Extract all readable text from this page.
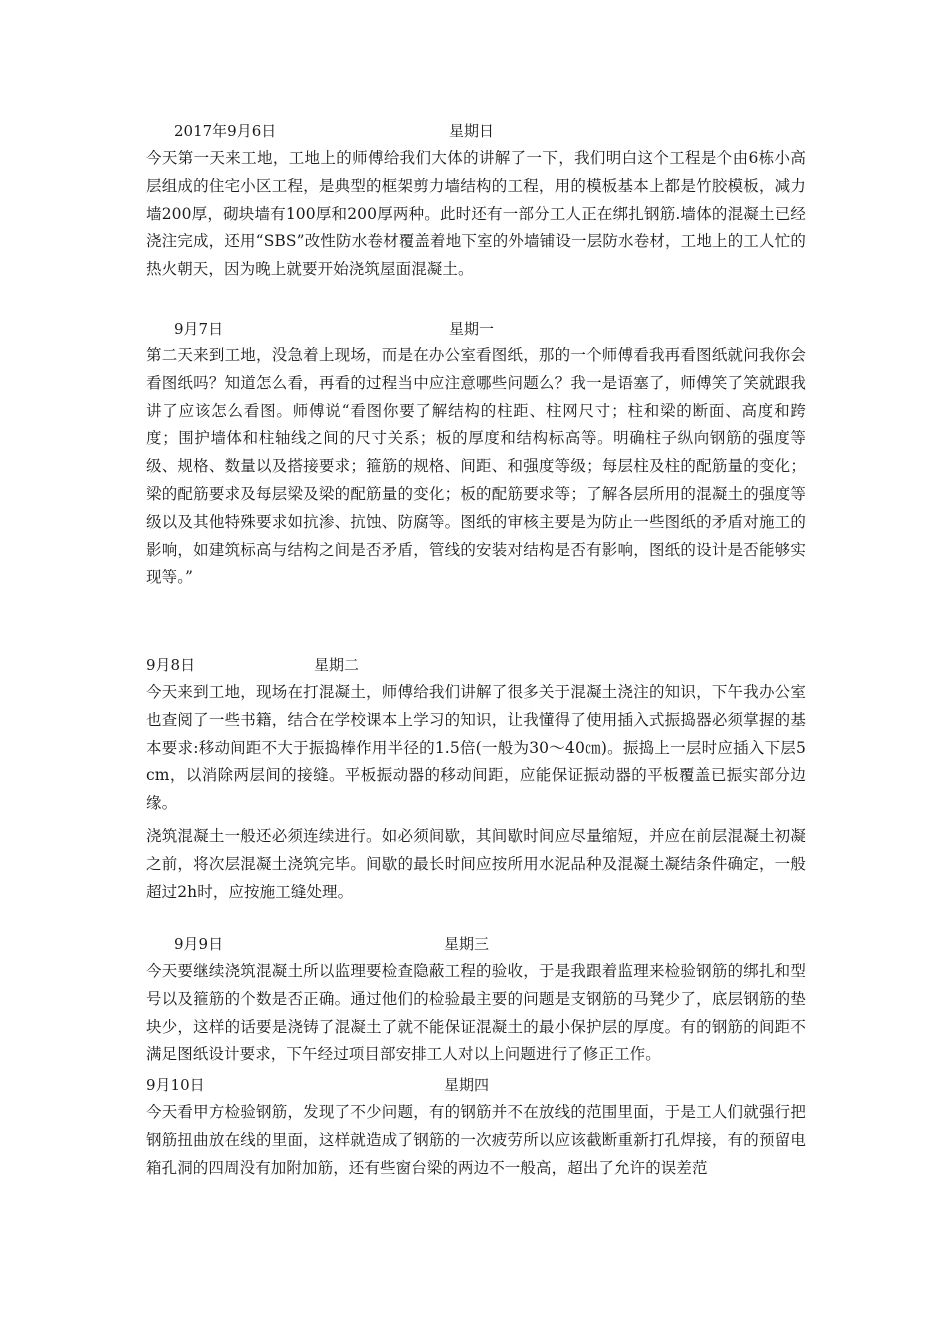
2017年9月6日	星期日
今天第一天来工地，工地上的师傅给我们大体的讲解了一下，我们明白这个工程是个由6栋小高层组成的住宅小区工程，是典型的框架剪力墙结构的工程，用的模板基本上都是竹胶模板，减力墙200厚，砌块墙有100厚和200厚两种。此时还有一部分工人正在绑扎钢筋.墙体的混凝土已经浇注完成，还用“SBS”改性防水卷材覆盖着地下室的外墙铺设一层防水卷材，工地上的工人忙的热火朝天，因为晚上就要开始浇筑屋面混凝土。
9月7日	星期一
第二天来到工地，没急着上现场，而是在办公室看图纸，那的一个师傅看我再看图纸就问我你会看图纸吗？知道怎么看，再看的过程当中应注意哪些问题么？我一是语塞了，师傅笑了笑就跟我讲了应该怎么看图。师傅说“看图你要了解结构的柱距、柱网尺寸；柱和梁的断面、高度和跨度；围护墙体和柱轴线之间的尺寸关系；板的厚度和结构标高等。明确柱子纵向钢筋的强度等级、规格、数量以及搭接要求；箍筋的规格、间距、和强度等级；每层柱及柱的配筋量的变化；梁的配筋要求及每层梁及梁的配筋量的变化；板的配筋要求等；了解各层所用的混凝土的强度等级以及其他特殊要求如抗渗、抗蚀、防腐等。图纸的审核主要是为防止一些图纸的矛盾对施工的影响，如建筑标高与结构之间是否矛盾，管线的安装对结构是否有影响，图纸的设计是否能够实现等。”
9月8日	星期二
今天来到工地，现场在打混凝土，师傅给我们讲解了很多关于混凝土浇注的知识，下午我办公室也查阅了一些书籍，结合在学校课本上学习的知识，让我懂得了使用插入式振捣器必须掌握的基本要求:移动间距不大于振捣棒作用半径的1.5倍(一般为30～40㎝)。振捣上一层时应插入下层5cm，以消除两层间的接缝。平板振动器的移动间距，应能保证振动器的平板覆盖已振实部分边缘。
浇筑混凝土一般还必须连续进行。如必须间歇，其间歇时间应尽量缩短，并应在前层混凝土初凝之前，将次层混凝土浇筑完毕。间歇的最长时间应按所用水泥品种及混凝土凝结条件确定，一般超过2h时，应按施工缝处理。
9月9日	星期三
今天要继续浇筑混凝土所以监理要检查隐蔽工程的验收，于是我跟着监理来检验钢筋的绑扎和型号以及箍筋的个数是否正确。通过他们的检验最主要的问题是支钢筋的马凳少了，底层钢筋的垫块少，这样的话要是浇铸了混凝土了就不能保证混凝土的最小保护层的厚度。有的钢筋的间距不满足图纸设计要求，下午经过项目部安排工人对以上问题进行了修正工作。
9月10日	星期四
今天看甲方检验钢筋，发现了不少问题，有的钢筋并不在放线的范围里面，于是工人们就强行把钢筋扭曲放在线的里面，这样就造成了钢筋的一次疲劳所以应该截断重新打孔焊接，有的预留电箱孔洞的四周没有加附加筋，还有些窗台梁的两边不一般高，超出了允许的误差范
